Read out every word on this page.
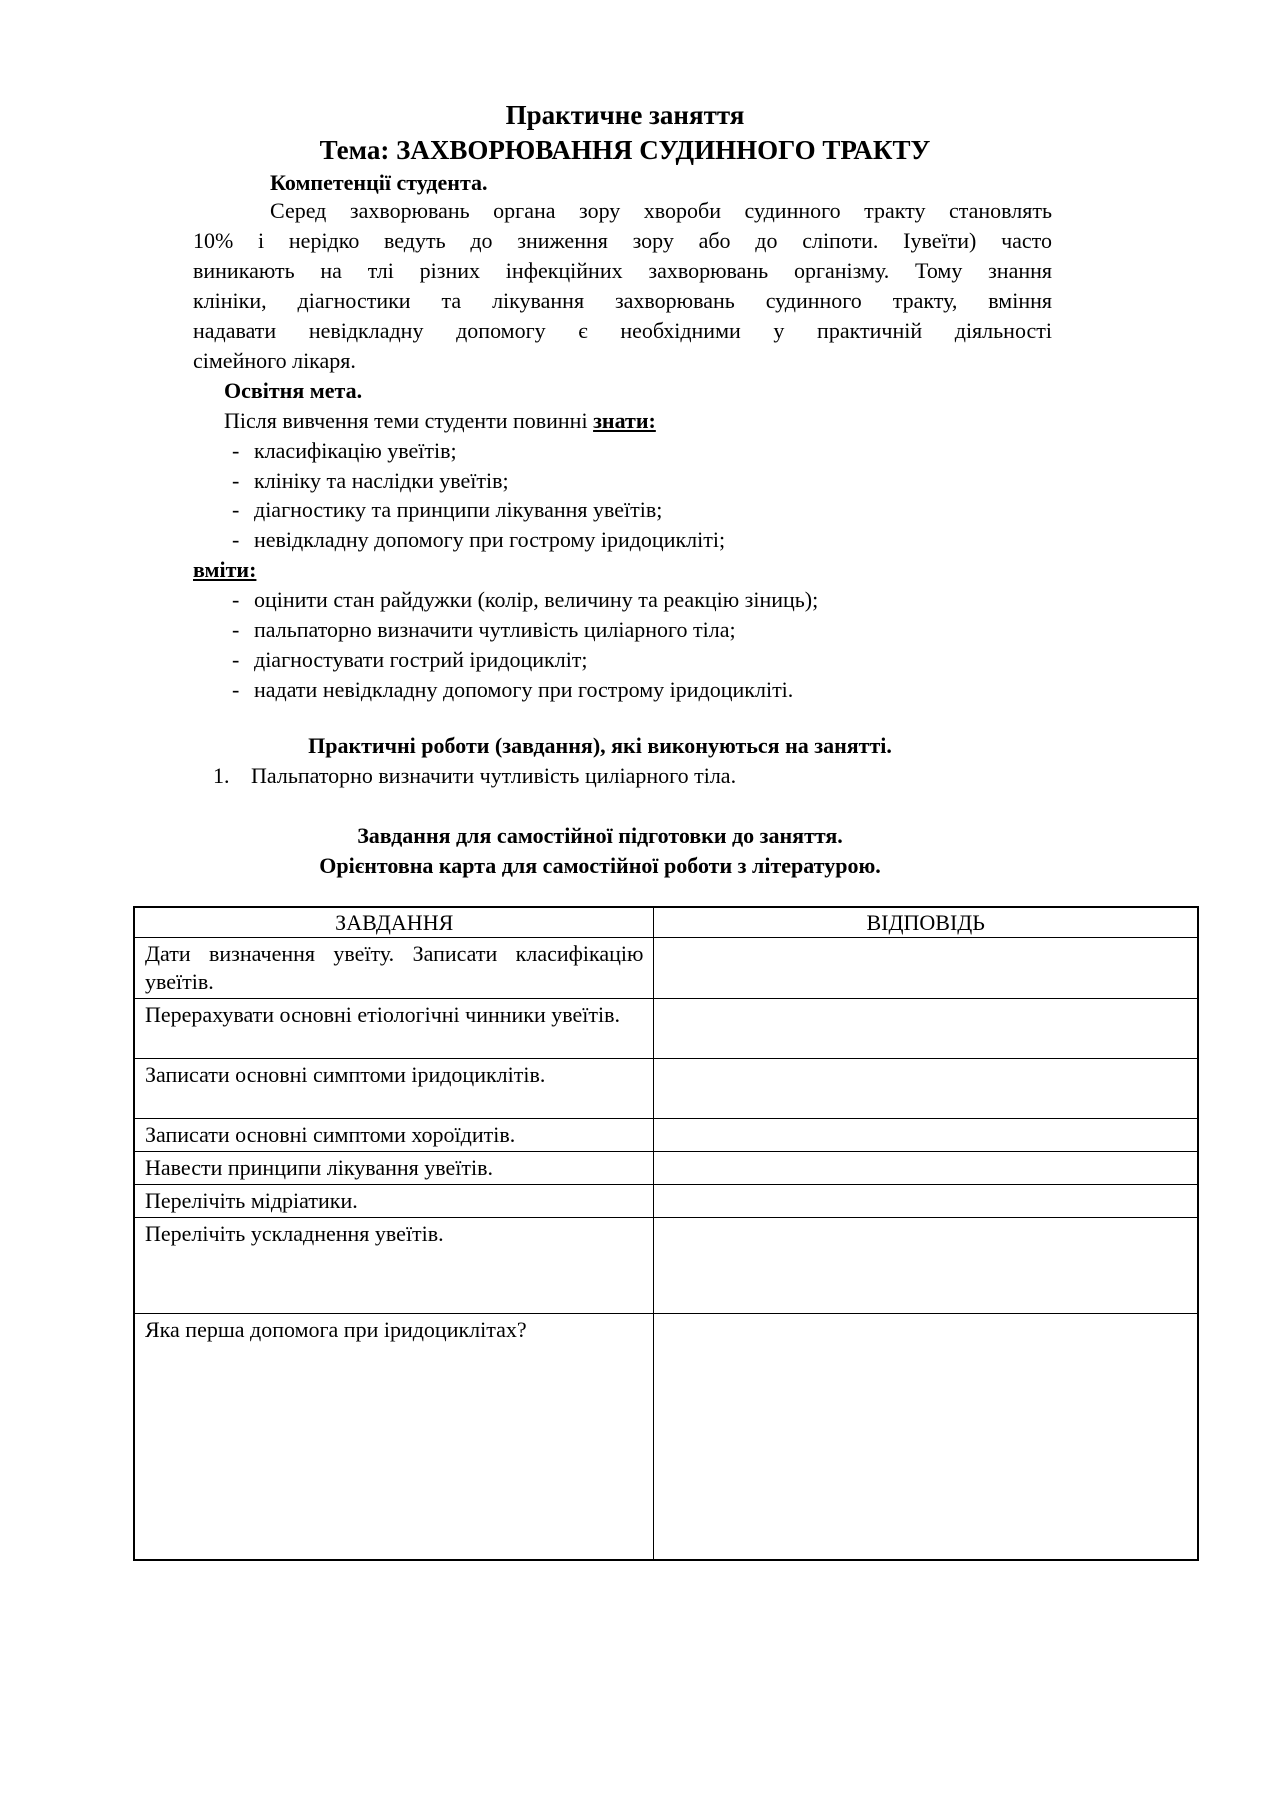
Практичне заняття
Тема: ЗАХВОРЮВАННЯ СУДИННОГО ТРАКТУ
Компетенції студента.
Серед захворювань органа зору хвороби судинного тракту становлять
10% і нерідко ведуть до зниження зору або до сліпоти. Іувеїти) часто
виникають на тлі різних інфекційних захворювань організму. Тому знання
клініки, діагностики та лікування захворювань судинного тракту, вміння
надавати невідкладну допомогу є необхідними у практичній діяльності
сімейного лікаря.
Освітня мета.
Після вивчення теми студенти повинні знати:
- класифікацію увеїтів;
- клініку та наслідки увеїтів;
- діагностику та принципи лікування увеїтів;
- невідкладну допомогу при гострому іридоцикліті;
вміти:
- оцінити стан райдужки (колір, величину та реакцію зіниць);
- пальпаторно визначити чутливість циліарного тіла;
- діагностувати гострий іридоцикліт;
- надати невідкладну допомогу при гострому іридоцикліті.
Практичні роботи (завдання), які виконуються на занятті.
1. Пальпаторно визначити чутливість циліарного тіла.
Завдання для самостійної підготовки до заняття.
Орієнтовна карта для самостійної роботи з літературою.
ЗАВДАННЯ	ВІДПОВІДЬ
Дати визначення увеїту. Записати класифікацію увеїтів.	
Перерахувати основні етіологічні чинники увеїтів.	
Записати основні симптоми іридоциклітів.	
Записати основні симптоми хороїдитів.	
Навести принципи лікування увеїтів.	
Перелічіть мідріатики.	
Перелічіть ускладнення увеїтів.	
Яка перша допомога при іридоциклітах?	
